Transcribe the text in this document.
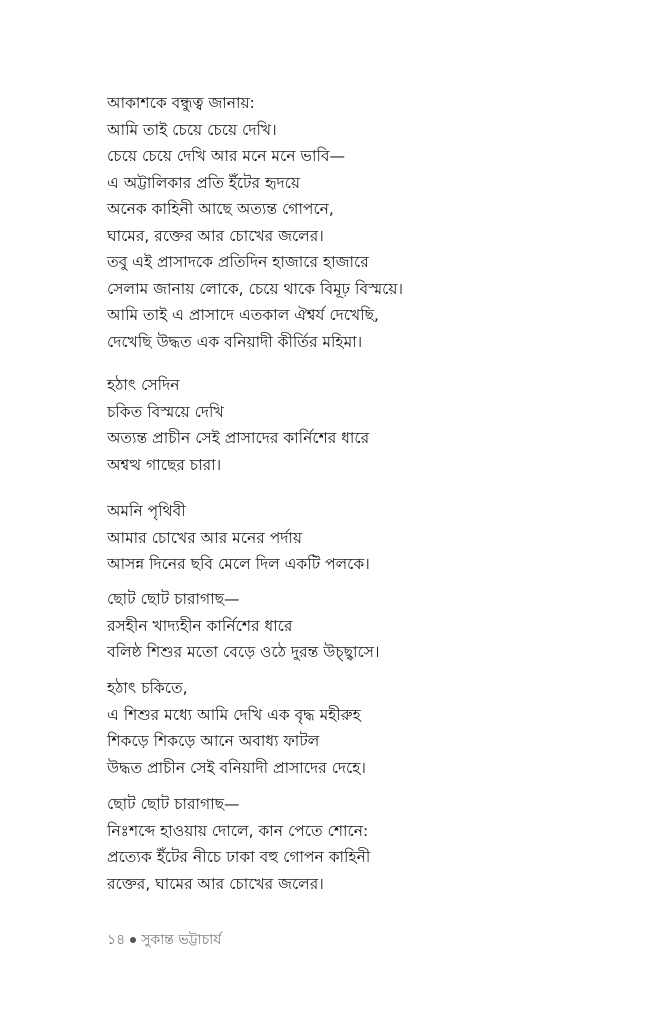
আকাশকে বন্ধুত্ব জানায়:
আমি তাই চেয়ে চেয়ে দেখি।
চেয়ে চেয়ে দেখি আর মনে মনে ভাবি—
এ অট্টালিকার প্রতি ইঁটের হৃদয়ে
অনেক কাহিনী আছে অত্যন্ত গোপনে,
ঘামের, রক্তের আর চোখের জলের।
তবু এই প্রাসাদকে প্রতিদিন হাজারে হাজারে
সেলাম জানায় লোকে, চেয়ে থাকে বিমূঢ় বিস্ময়ে।
আমি তাই এ প্রাসাদে এতকাল ঐশ্বর্য দেখেছি,
দেখেছি উদ্ধত এক বনিয়াদী কীর্তির মহিমা।
হঠাৎ সেদিন
চকিত বিস্ময়ে দেখি
অত্যন্ত প্রাচীন সেই প্রাসাদের কার্নিশের ধারে
অশ্বত্থ গাছের চারা।
অমনি পৃথিবী
আমার চোখের আর মনের পর্দায়
আসন্ন দিনের ছবি মেলে দিল একটি পলকে।
ছোট ছোট চারাগাছ—
রসহীন খাদ্যহীন কার্নিশের ধারে
বলিষ্ঠ শিশুর মতো বেড়ে ওঠে দুরন্ত উচ্ছ্বাসে।
হঠাৎ চকিতে,
এ শিশুর মধ্যে আমি দেখি এক বৃদ্ধ মহীরুহ
শিকড়ে শিকড়ে আনে অবাধ্য ফাটল
উদ্ধত প্রাচীন সেই বনিয়াদী প্রাসাদের দেহে।
ছোট ছোট চারাগাছ—
নিঃশব্দে হাওয়ায় দোলে, কান পেতে শোনে:
প্রত্যেক ইঁটের নীচে ঢাকা বহু গোপন কাহিনী
রক্তের, ঘামের আর চোখের জলের।
১৪ সুকান্ত ভট্টাচার্য
